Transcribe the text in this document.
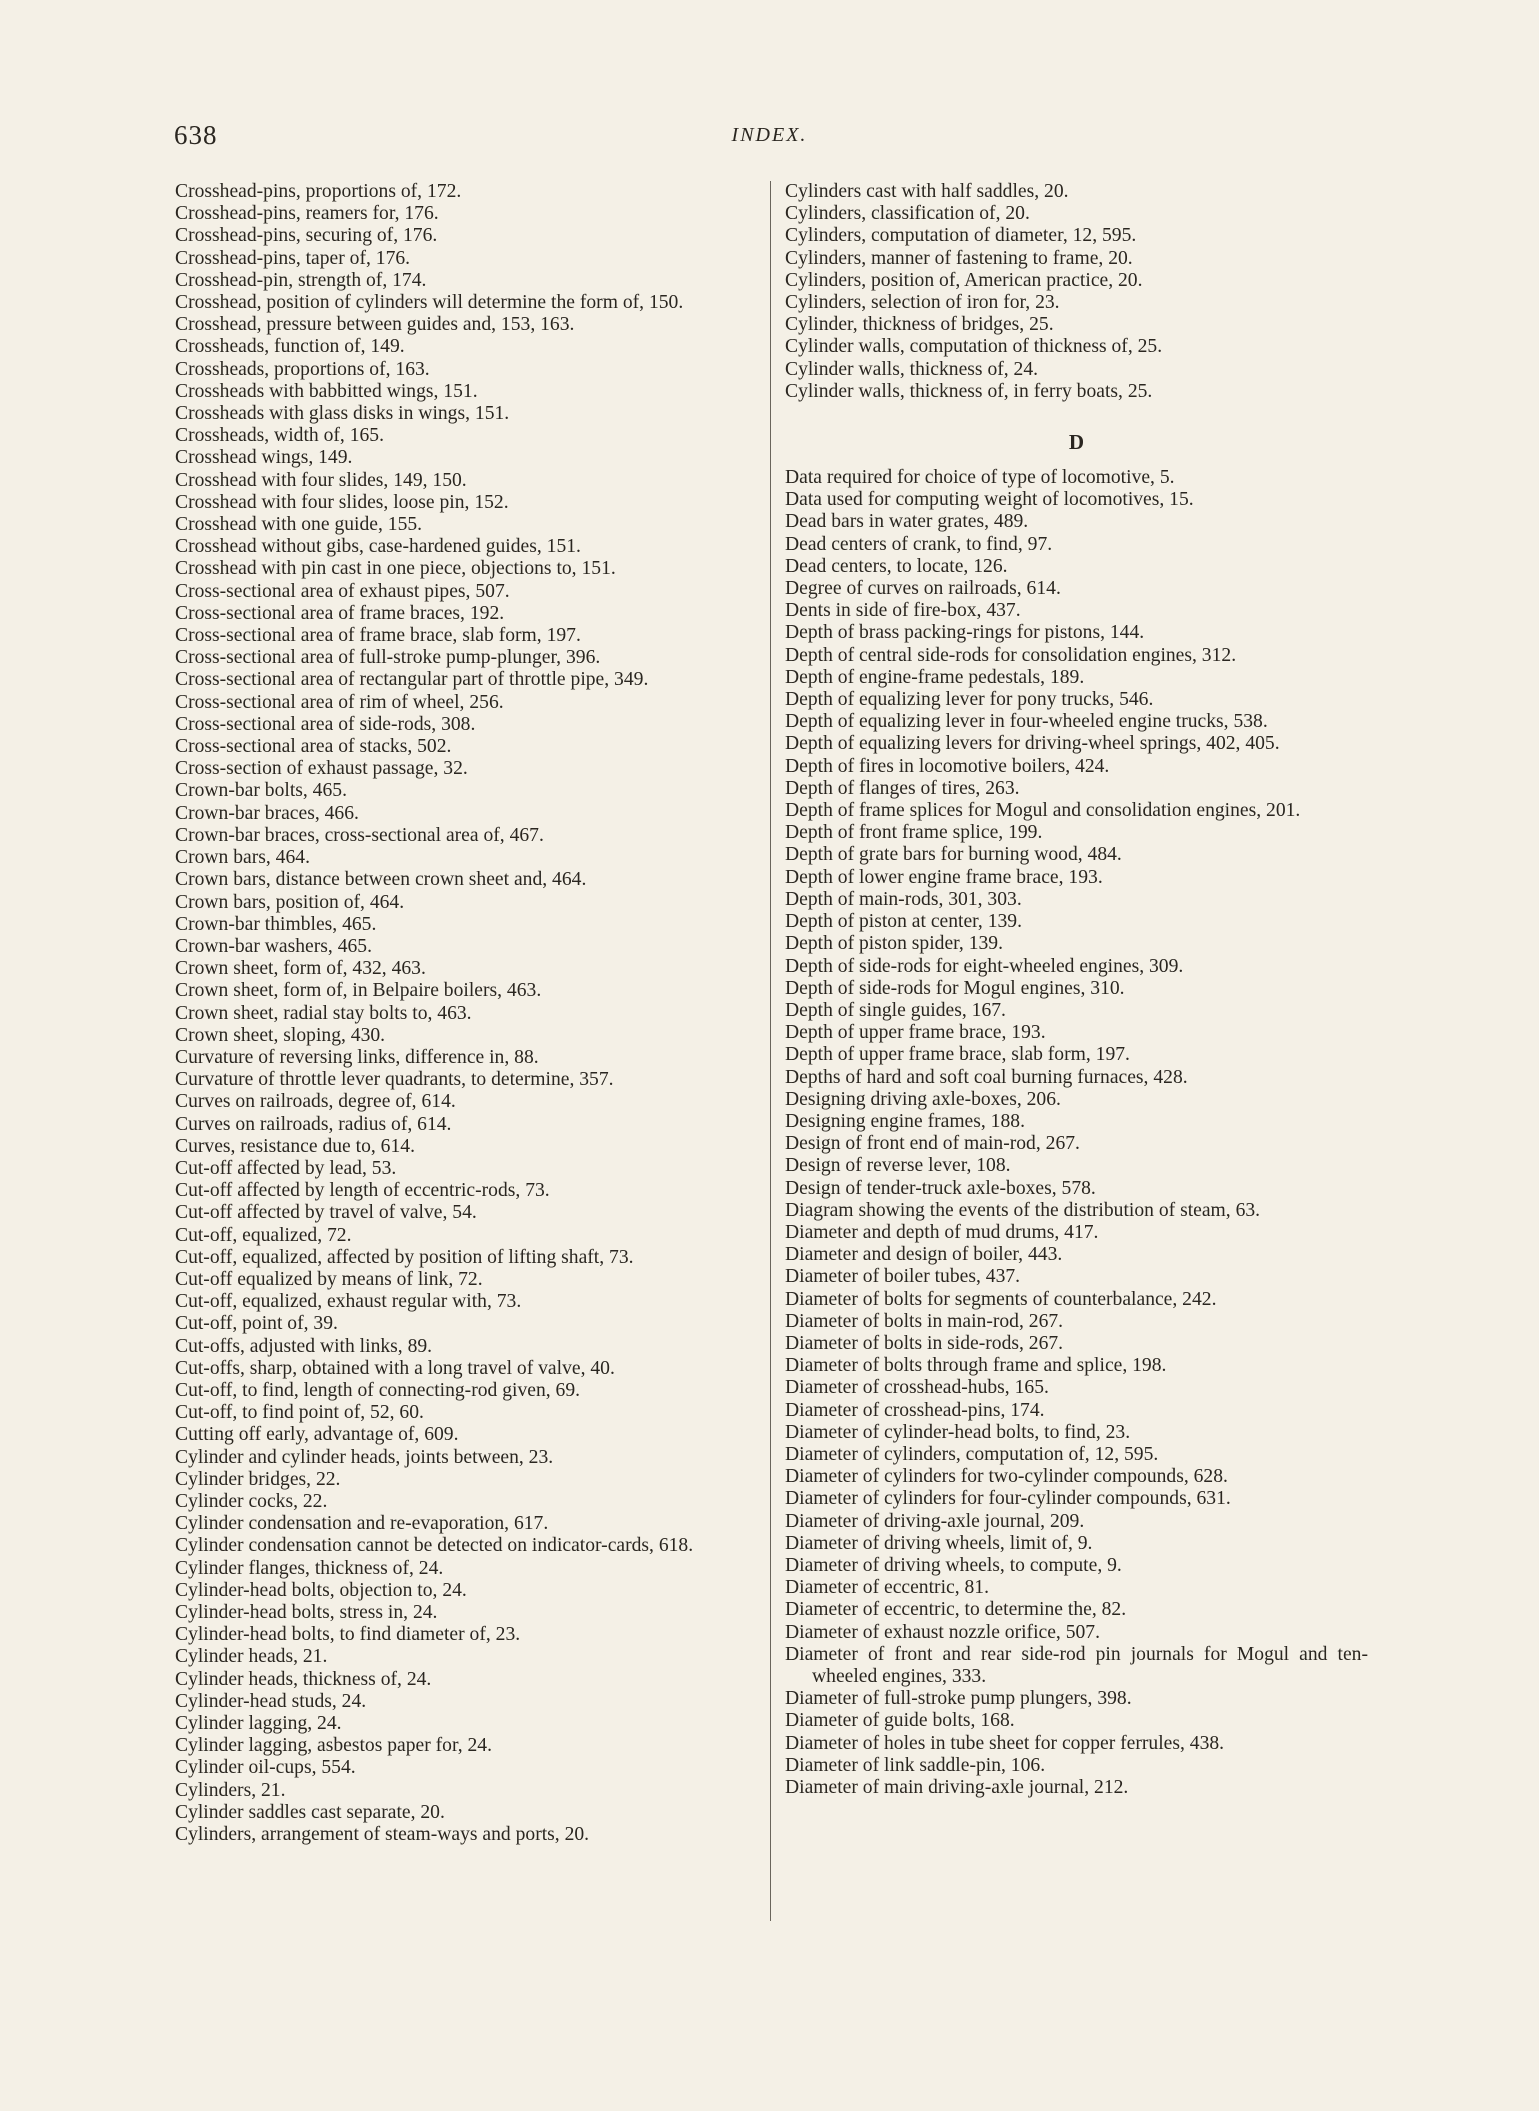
638	INDEX.
Crosshead-pins, proportions of, 172.
Crosshead-pins, reamers for, 176.
Crosshead-pins, securing of, 176.
Crosshead-pins, taper of, 176.
Crosshead-pin, strength of, 174.
Crosshead, position of cylinders will determine the form of, 150.
Crosshead, pressure between guides and, 153, 163.
Crossheads, function of, 149.
Crossheads, proportions of, 163.
Crossheads with babbitted wings, 151.
Crossheads with glass disks in wings, 151.
Crossheads, width of, 165.
Crosshead wings, 149.
Crosshead with four slides, 149, 150.
Crosshead with four slides, loose pin, 152.
Crosshead with one guide, 155.
Crosshead without gibs, case-hardened guides, 151.
Crosshead with pin cast in one piece, objections to, 151.
Cross-sectional area of exhaust pipes, 507.
Cross-sectional area of frame braces, 192.
Cross-sectional area of frame brace, slab form, 197.
Cross-sectional area of full-stroke pump-plunger, 396.
Cross-sectional area of rectangular part of throttle pipe, 349.
Cross-sectional area of rim of wheel, 256.
Cross-sectional area of side-rods, 308.
Cross-sectional area of stacks, 502.
Cross-section of exhaust passage, 32.
Crown-bar bolts, 465.
Crown-bar braces, 466.
Crown-bar braces, cross-sectional area of, 467.
Crown bars, 464.
Crown bars, distance between crown sheet and, 464.
Crown bars, position of, 464.
Crown-bar thimbles, 465.
Crown-bar washers, 465.
Crown sheet, form of, 432, 463.
Crown sheet, form of, in Belpaire boilers, 463.
Crown sheet, radial stay bolts to, 463.
Crown sheet, sloping, 430.
Curvature of reversing links, difference in, 88.
Curvature of throttle lever quadrants, to determine, 357.
Curves on railroads, degree of, 614.
Curves on railroads, radius of, 614.
Curves, resistance due to, 614.
Cut-off affected by lead, 53.
Cut-off affected by length of eccentric-rods, 73.
Cut-off affected by travel of valve, 54.
Cut-off, equalized, 72.
Cut-off, equalized, affected by position of lifting shaft, 73.
Cut-off equalized by means of link, 72.
Cut-off, equalized, exhaust regular with, 73.
Cut-off, point of, 39.
Cut-offs, adjusted with links, 89.
Cut-offs, sharp, obtained with a long travel of valve, 40.
Cut-off, to find, length of connecting-rod given, 69.
Cut-off, to find point of, 52, 60.
Cutting off early, advantage of, 609.
Cylinder and cylinder heads, joints between, 23.
Cylinder bridges, 22.
Cylinder cocks, 22.
Cylinder condensation and re-evaporation, 617.
Cylinder condensation cannot be detected on indicator-cards, 618.
Cylinder flanges, thickness of, 24.
Cylinder-head bolts, objection to, 24.
Cylinder-head bolts, stress in, 24.
Cylinder-head bolts, to find diameter of, 23.
Cylinder heads, 21.
Cylinder heads, thickness of, 24.
Cylinder-head studs, 24.
Cylinder lagging, 24.
Cylinder lagging, asbestos paper for, 24.
Cylinder oil-cups, 554.
Cylinders, 21.
Cylinder saddles cast separate, 20.
Cylinders, arrangement of steam-ways and ports, 20.
Cylinders cast with half saddles, 20.
Cylinders, classification of, 20.
Cylinders, computation of diameter, 12, 595.
Cylinders, manner of fastening to frame, 20.
Cylinders, position of, American practice, 20.
Cylinders, selection of iron for, 23.
Cylinder, thickness of bridges, 25.
Cylinder walls, computation of thickness of, 25.
Cylinder walls, thickness of, 24.
Cylinder walls, thickness of, in ferry boats, 25.
D
Data required for choice of type of locomotive, 5.
Data used for computing weight of locomotives, 15.
Dead bars in water grates, 489.
Dead centers of crank, to find, 97.
Dead centers, to locate, 126.
Degree of curves on railroads, 614.
Dents in side of fire-box, 437.
Depth of brass packing-rings for pistons, 144.
Depth of central side-rods for consolidation engines, 312.
Depth of engine-frame pedestals, 189.
Depth of equalizing lever for pony trucks, 546.
Depth of equalizing lever in four-wheeled engine trucks, 538.
Depth of equalizing levers for driving-wheel springs, 402, 405.
Depth of fires in locomotive boilers, 424.
Depth of flanges of tires, 263.
Depth of frame splices for Mogul and consolidation engines, 201.
Depth of front frame splice, 199.
Depth of grate bars for burning wood, 484.
Depth of lower engine frame brace, 193.
Depth of main-rods, 301, 303.
Depth of piston at center, 139.
Depth of piston spider, 139.
Depth of side-rods for eight-wheeled engines, 309.
Depth of side-rods for Mogul engines, 310.
Depth of single guides, 167.
Depth of upper frame brace, 193.
Depth of upper frame brace, slab form, 197.
Depths of hard and soft coal burning furnaces, 428.
Designing driving axle-boxes, 206.
Designing engine frames, 188.
Design of front end of main-rod, 267.
Design of reverse lever, 108.
Design of tender-truck axle-boxes, 578.
Diagram showing the events of the distribution of steam, 63.
Diameter and depth of mud drums, 417.
Diameter and design of boiler, 443.
Diameter of boiler tubes, 437.
Diameter of bolts for segments of counterbalance, 242.
Diameter of bolts in main-rod, 267.
Diameter of bolts in side-rods, 267.
Diameter of bolts through frame and splice, 198.
Diameter of crosshead-hubs, 165.
Diameter of crosshead-pins, 174.
Diameter of cylinder-head bolts, to find, 23.
Diameter of cylinders, computation of, 12, 595.
Diameter of cylinders for two-cylinder compounds, 628.
Diameter of cylinders for four-cylinder compounds, 631.
Diameter of driving-axle journal, 209.
Diameter of driving wheels, limit of, 9.
Diameter of driving wheels, to compute, 9.
Diameter of eccentric, 81.
Diameter of eccentric, to determine the, 82.
Diameter of exhaust nozzle orifice, 507.
Diameter of front and rear side-rod pin journals for Mogul and ten-wheeled engines, 333.
Diameter of full-stroke pump plungers, 398.
Diameter of guide bolts, 168.
Diameter of holes in tube sheet for copper ferrules, 438.
Diameter of link saddle-pin, 106.
Diameter of main driving-axle journal, 212.
